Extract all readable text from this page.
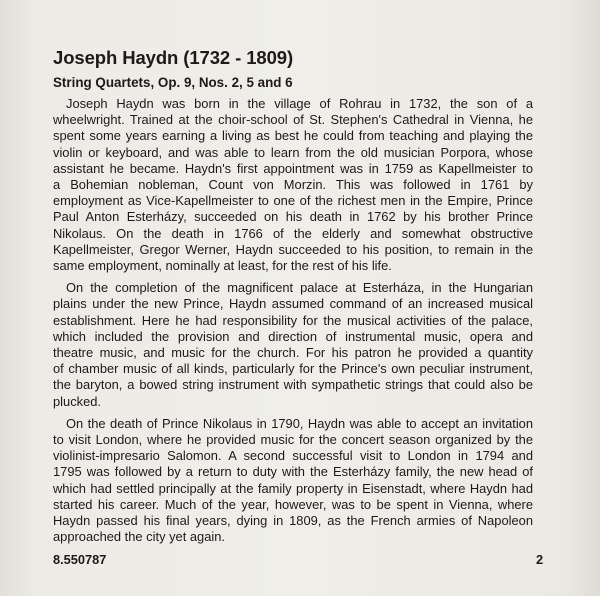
Joseph Haydn (1732 - 1809)
String Quartets, Op. 9, Nos. 2, 5 and 6

Joseph Haydn was born in the village of Rohrau in 1732, the son of a
wheelwright. Trained at the choir-school of St. Stephen's Cathedral in Vienna, he
spent some years earning a living as best he could from teaching and playing the
violin or keyboard, and was able to learn from the old musician Porpora, whose
assistant he became. Haydn's first appointment was in 1759 as Kapellmeister to
a Bohemian nobleman, Count von Morzin. This was followed in 1761 by
employment as Vice-Kapellmeister to one of the richest men in the Empire, Prince
Paul Anton Esterházy, succeeded on his death in 1762 by his brother Prince
Nikolaus. On the death in 1766 of the elderly and somewhat obstructive
Kapellmeister, Gregor Werner, Haydn succeeded to his position, to remain in the
same employment, nominally at least, for the rest of his life.

On the completion of the magnificent palace at Esterháza, in the Hungarian
plains under the new Prince, Haydn assumed command of an increased musical
establishment. Here he had responsibility for the musical activities of the palace,
which included the provision and direction of instrumental music, opera and
theatre music, and music for the church. For his patron he provided a quantity
of chamber music of all kinds, particularly for the Prince's own peculiar instrument,
the baryton, a bowed string instrument with sympathetic strings that could also be
plucked.

On the death of Prince Nikolaus in 1790, Haydn was able to accept an invitation
to visit London, where he provided music for the concert season organized by the
violinist-impresario Salomon. A second successful visit to London in 1794 and
1795 was followed by a return to duty with the Esterházy family, the new head of
which had settled principally at the family property in Eisenstadt, where Haydn had
started his career. Much of the year, however, was to be spent in Vienna, where
Haydn passed his final years, dying in 1809, as the French armies of Napoleon
approached the city yet again.

8.550787	2
